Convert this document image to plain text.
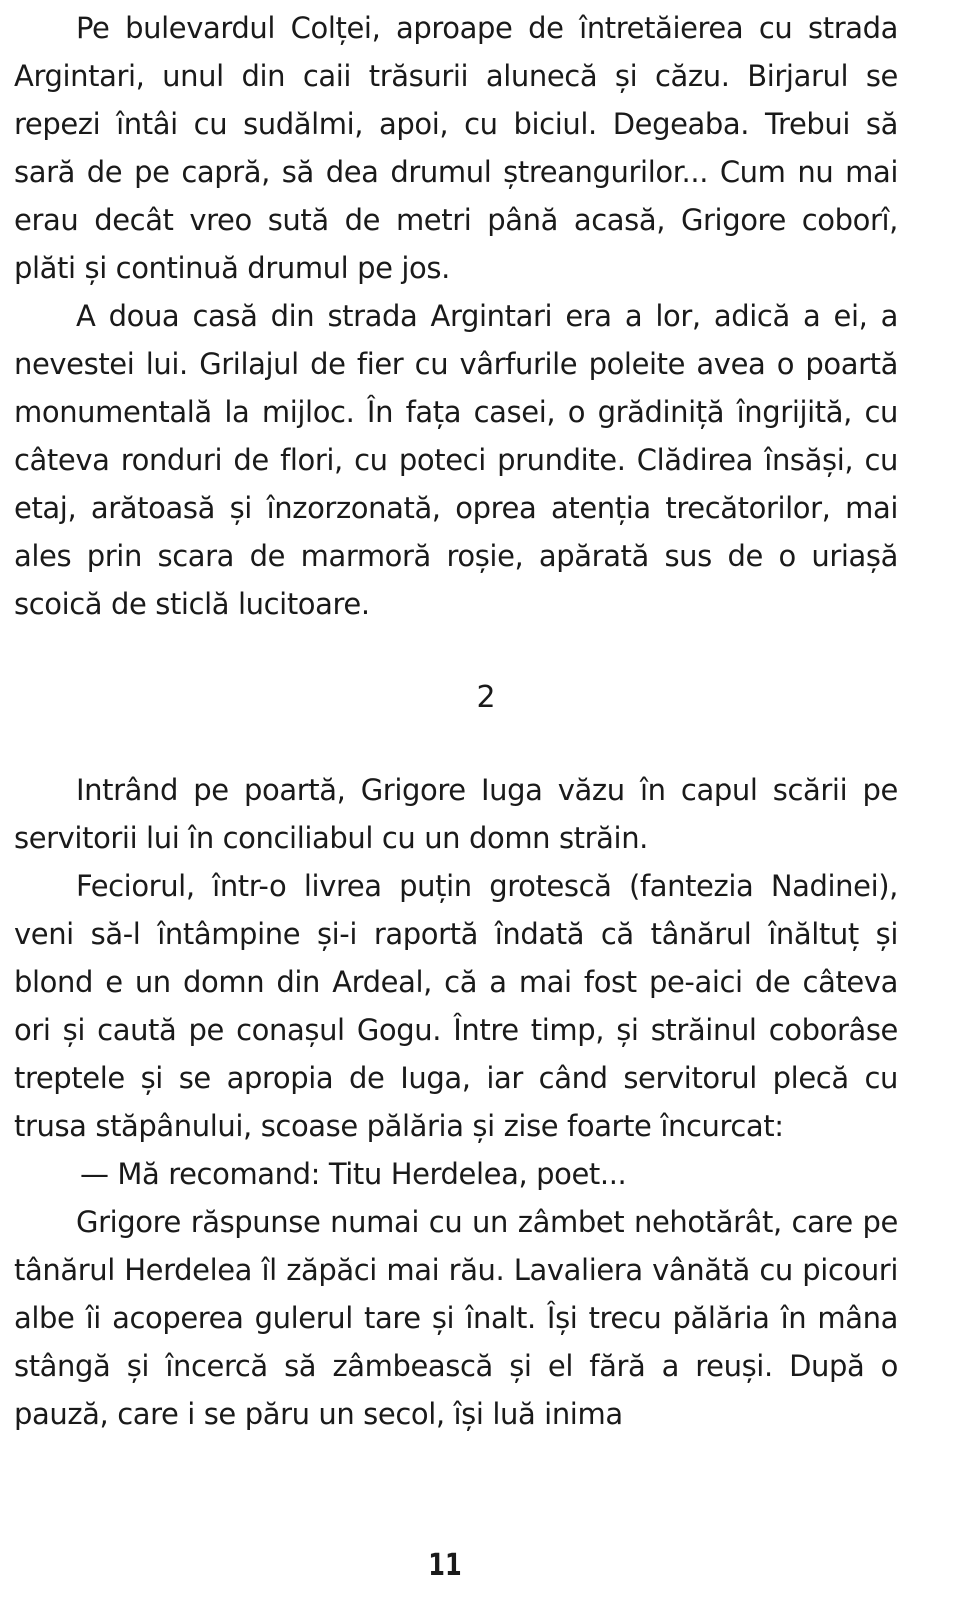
Pe bulevardul Colței, aproape de întretăierea cu strada Argintari, unul din caii trăsurii alunecă și căzu. Birjarul se repezi întâi cu sudălmi, apoi, cu biciul. Degeaba. Trebui să sară de pe capră, să dea drumul ștreangurilor... Cum nu mai erau decât vreo sută de metri până acasă, Grigore coborî, plăti și continuă drumul pe jos.

A doua casă din strada Argintari era a lor, adică a ei, a nevestei lui. Grilajul de fier cu vârfurile poleite avea o poartă monumentală la mijloc. În fața casei, o grădiniță îngrijită, cu câteva ronduri de flori, cu poteci prundite. Clădirea însăși, cu etaj, arătoasă și înzorzonată, oprea atenția trecătorilor, mai ales prin scara de marmoră roșie, apărată sus de o uriașă scoică de sticlă lucitoare.

2

Intrând pe poartă, Grigore Iuga văzu în capul scării pe servitorii lui în conciliabul cu un domn străin.

Feciorul, într-o livrea puțin grotescă (fantezia Nadinei), veni să-l întâmpine și-i raportă îndată că tânărul înăltuț și blond e un domn din Ardeal, că a mai fost pe-aici de câteva ori și caută pe conașul Gogu. Între timp, și străinul coborâse treptele și se apropia de Iuga, iar când servitorul plecă cu trusa stăpânului, scoase pălăria și zise foarte încurcat:

— Mă recomand: Titu Herdelea, poet...

Grigore răspunse numai cu un zâmbet nehotărât, care pe tânărul Herdelea îl zăpăci mai rău. Lavaliera vânătă cu picouri albe îi acoperea gulerul tare și înalt. Își trecu pălăria în mâna stângă și încercă să zâmbească și el fără a reuși. După o pauză, care i se păru un secol, își luă inima

11
